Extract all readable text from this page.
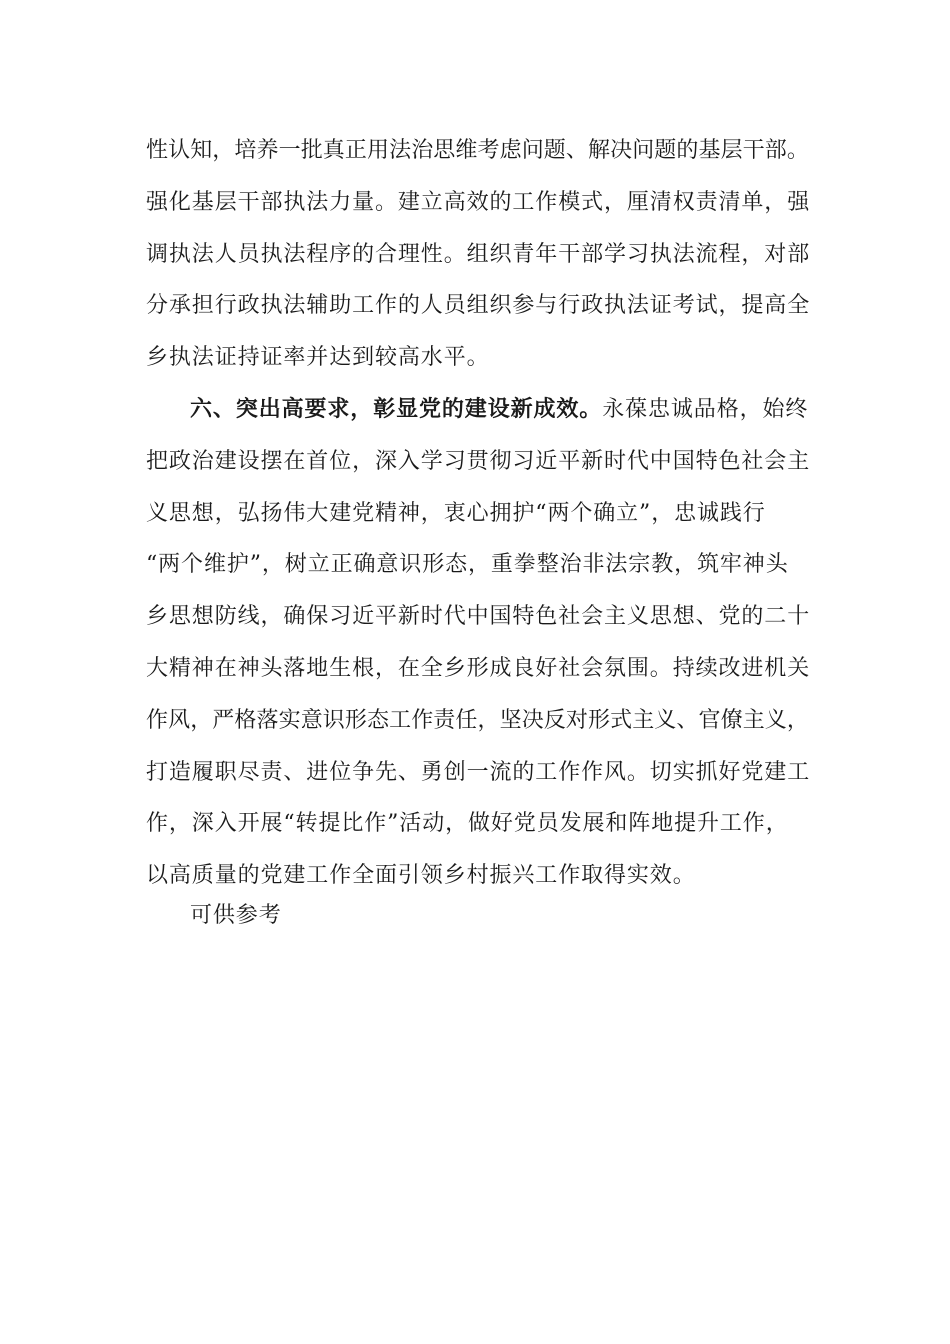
性认知，培养一批真正用法治思维考虑问题、解决问题的基层干部。
强化基层干部执法力量。建立高效的工作模式，厘清权责清单，强
调执法人员执法程序的合理性。组织青年干部学习执法流程，对部
分承担行政执法辅助工作的人员组织参与行政执法证考试，提高全
乡执法证持证率并达到较高水平。
六、突出高要求，彰显党的建设新成效。永葆忠诚品格，始终
把政治建设摆在首位，深入学习贯彻习近平新时代中国特色社会主
义思想，弘扬伟大建党精神，衷心拥护“两个确立”，忠诚践行
“两个维护”，树立正确意识形态，重拳整治非法宗教，筑牢神头
乡思想防线，确保习近平新时代中国特色社会主义思想、党的二十
大精神在神头落地生根，在全乡形成良好社会氛围。持续改进机关
作风，严格落实意识形态工作责任，坚决反对形式主义、官僚主义，
打造履职尽责、进位争先、勇创一流的工作作风。切实抓好党建工
作，深入开展“转提比作”活动，做好党员发展和阵地提升工作，
以高质量的党建工作全面引领乡村振兴工作取得实效。
可供参考
